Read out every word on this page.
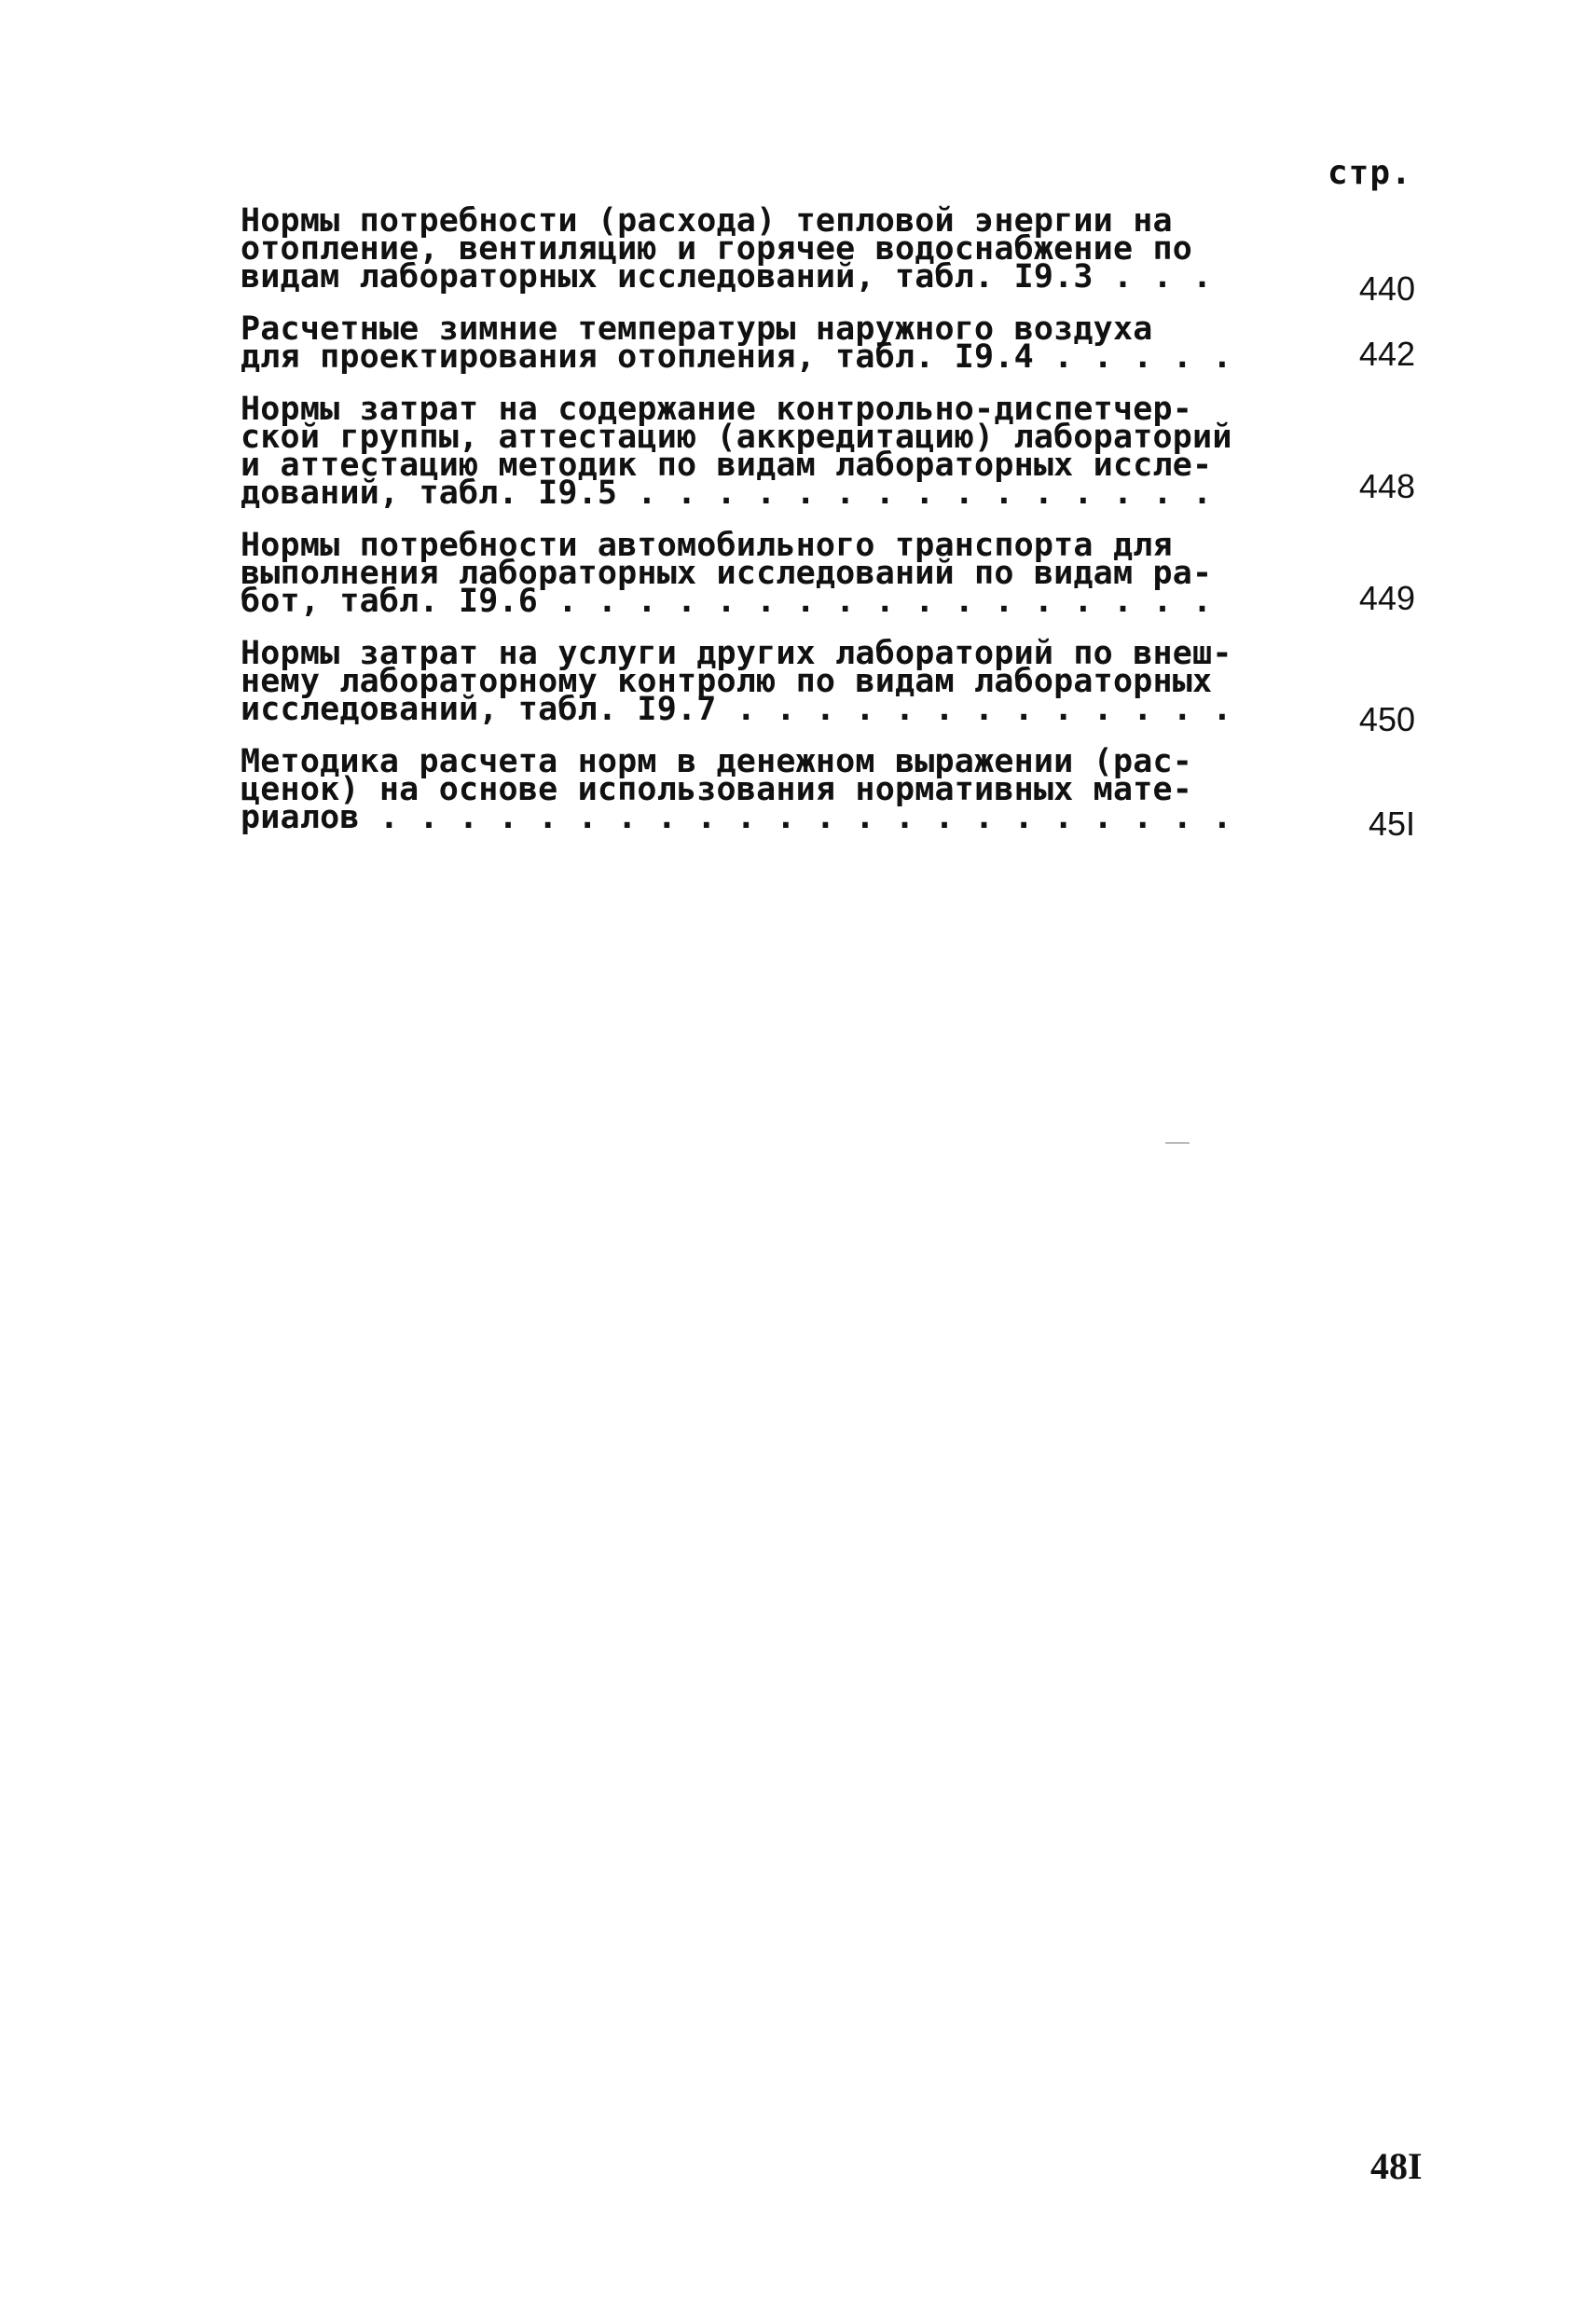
стр.
Нормы потребности (расхода) тепловой энергии на
отопление, вентиляцию и горячее водоснабжение по
видам лабораторных исследований, табл. I9.3 . . .	440
Расчетные зимние температуры наружного воздуха
для проектирования отопления, табл. I9.4 . . . . .	442
Нормы затрат на содержание контрольно-диспетчер-
ской группы, аттестацию (аккредитацию) лабораторий
и аттестацию методик по видам лабораторных иссле-
дований, табл. I9.5 . . . . . . . . . . . . . . .	448
Нормы потребности автомобильного транспорта для
выполнения лабораторных исследований по видам ра-
бот, табл. I9.6 . . . . . . . . . . . . . . . . .	449
Нормы затрат на услуги других лабораторий по внеш-
нему лабораторному контролю по видам лабораторных
исследований, табл. I9.7 . . . . . . . . . . . . .	450
Методика расчета норм в денежном выражении (рас-
ценок) на основе использования нормативных мате-
риалов . . . . . . . . . . . . . . . . . . . . . .	45I
48I
